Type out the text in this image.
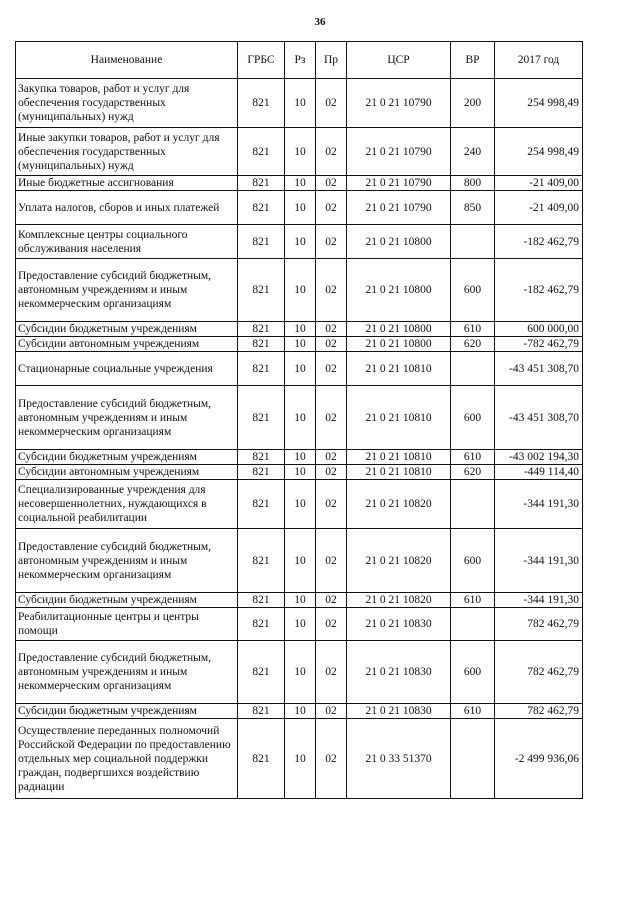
36
Наименование	ГРБС	Рз	Пр	ЦСР	ВР	2017 год
Закупка товаров, работ и услуг для обеспечения государственных (муниципальных) нужд	821	10	02	21 0 21 10790	200	254 998,49
Иные закупки товаров, работ и услуг для обеспечения государственных (муниципальных) нужд	821	10	02	21 0 21 10790	240	254 998,49
Иные бюджетные ассигнования	821	10	02	21 0 21 10790	800	-21 409,00
Уплата налогов, сборов и иных платежей	821	10	02	21 0 21 10790	850	-21 409,00
Комплексные центры социального обслуживания населения	821	10	02	21 0 21 10800		-182 462,79
Предоставление субсидий бюджетным, автономным учреждениям и иным некоммерческим организациям	821	10	02	21 0 21 10800	600	-182 462,79
Субсидии бюджетным учреждениям	821	10	02	21 0 21 10800	610	600 000,00
Субсидии автономным учреждениям	821	10	02	21 0 21 10800	620	-782 462,79
Стационарные социальные учреждения	821	10	02	21 0 21 10810		-43 451 308,70
Предоставление субсидий бюджетным, автономным учреждениям и иным некоммерческим организациям	821	10	02	21 0 21 10810	600	-43 451 308,70
Субсидии бюджетным учреждениям	821	10	02	21 0 21 10810	610	-43 002 194,30
Субсидии автономным учреждениям	821	10	02	21 0 21 10810	620	-449 114,40
Специализированные учреждения для несовершеннолетних, нуждающихся в социальной реабилитации	821	10	02	21 0 21 10820		-344 191,30
Предоставление субсидий бюджетным, автономным учреждениям и иным некоммерческим организациям	821	10	02	21 0 21 10820	600	-344 191,30
Субсидии бюджетным учреждениям	821	10	02	21 0 21 10820	610	-344 191,30
Реабилитационные центры и центры помощи	821	10	02	21 0 21 10830		782 462,79
Предоставление субсидий бюджетным, автономным учреждениям и иным некоммерческим организациям	821	10	02	21 0 21 10830	600	782 462,79
Субсидии бюджетным учреждениям	821	10	02	21 0 21 10830	610	782 462,79
Осуществление переданных полномочий Российской Федерации по предоставлению отдельных мер социальной поддержки граждан, подвергшихся воздействию радиации	821	10	02	21 0 33 51370		-2 499 936,06
